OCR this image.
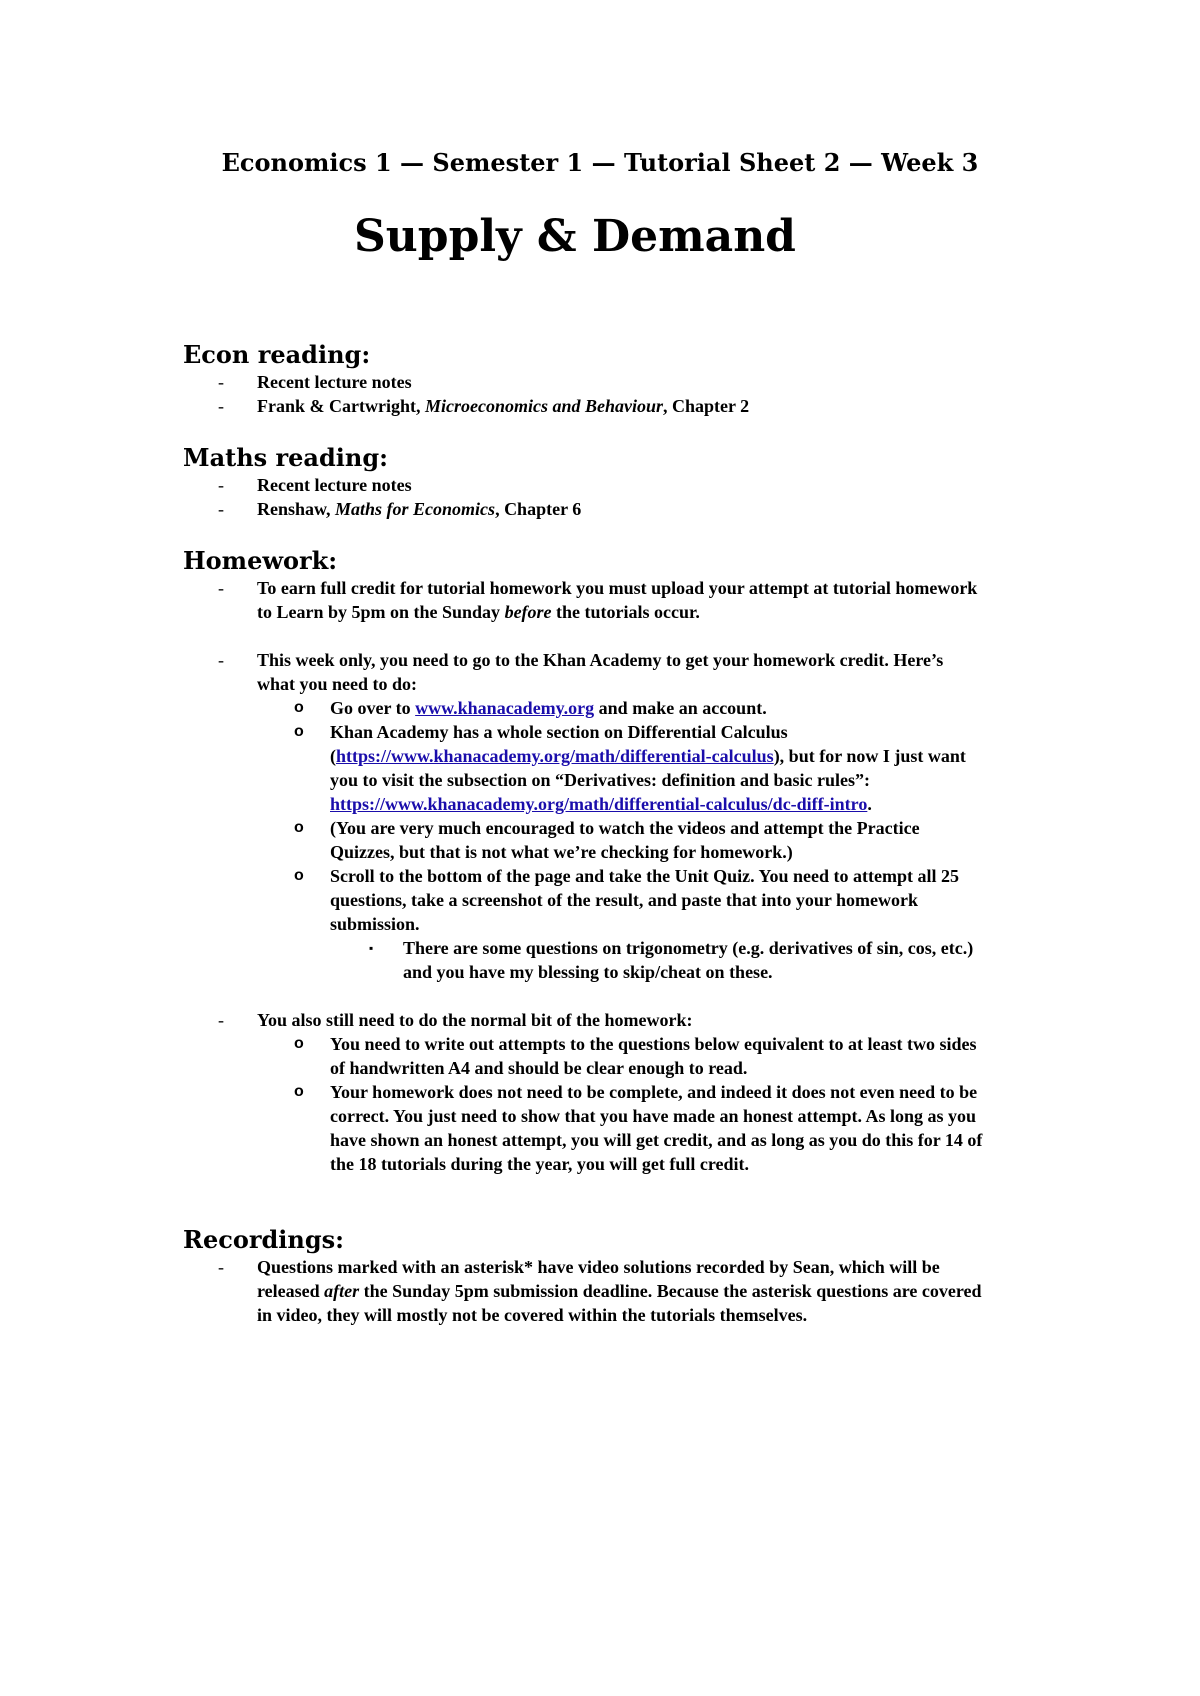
Economics 1 — Semester 1 — Tutorial Sheet 2 — Week 3
Supply & Demand
Econ reading:
- Recent lecture notes
- Frank & Cartwright, Microeconomics and Behaviour, Chapter 2
Maths reading:
- Recent lecture notes
- Renshaw, Maths for Economics, Chapter 6
Homework:
- To earn full credit for tutorial homework you must upload your attempt at tutorial homework to Learn by 5pm on the Sunday before the tutorials occur.
- This week only, you need to go to the Khan Academy to get your homework credit. Here’s what you need to do:
o Go over to www.khanacademy.org and make an account.
o Khan Academy has a whole section on Differential Calculus (https://www.khanacademy.org/math/differential-calculus), but for now I just want you to visit the subsection on “Derivatives: definition and basic rules”: https://www.khanacademy.org/math/differential-calculus/dc-diff-intro.
o (You are very much encouraged to watch the videos and attempt the Practice Quizzes, but that is not what we’re checking for homework.)
o Scroll to the bottom of the page and take the Unit Quiz. You need to attempt all 25 questions, take a screenshot of the result, and paste that into your homework submission.
▪ There are some questions on trigonometry (e.g. derivatives of sin, cos, etc.) and you have my blessing to skip/cheat on these.
- You also still need to do the normal bit of the homework:
o You need to write out attempts to the questions below equivalent to at least two sides of handwritten A4 and should be clear enough to read.
o Your homework does not need to be complete, and indeed it does not even need to be correct. You just need to show that you have made an honest attempt. As long as you have shown an honest attempt, you will get credit, and as long as you do this for 14 of the 18 tutorials during the year, you will get full credit.
Recordings:
- Questions marked with an asterisk* have video solutions recorded by Sean, which will be released after the Sunday 5pm submission deadline. Because the asterisk questions are covered in video, they will mostly not be covered within the tutorials themselves.
